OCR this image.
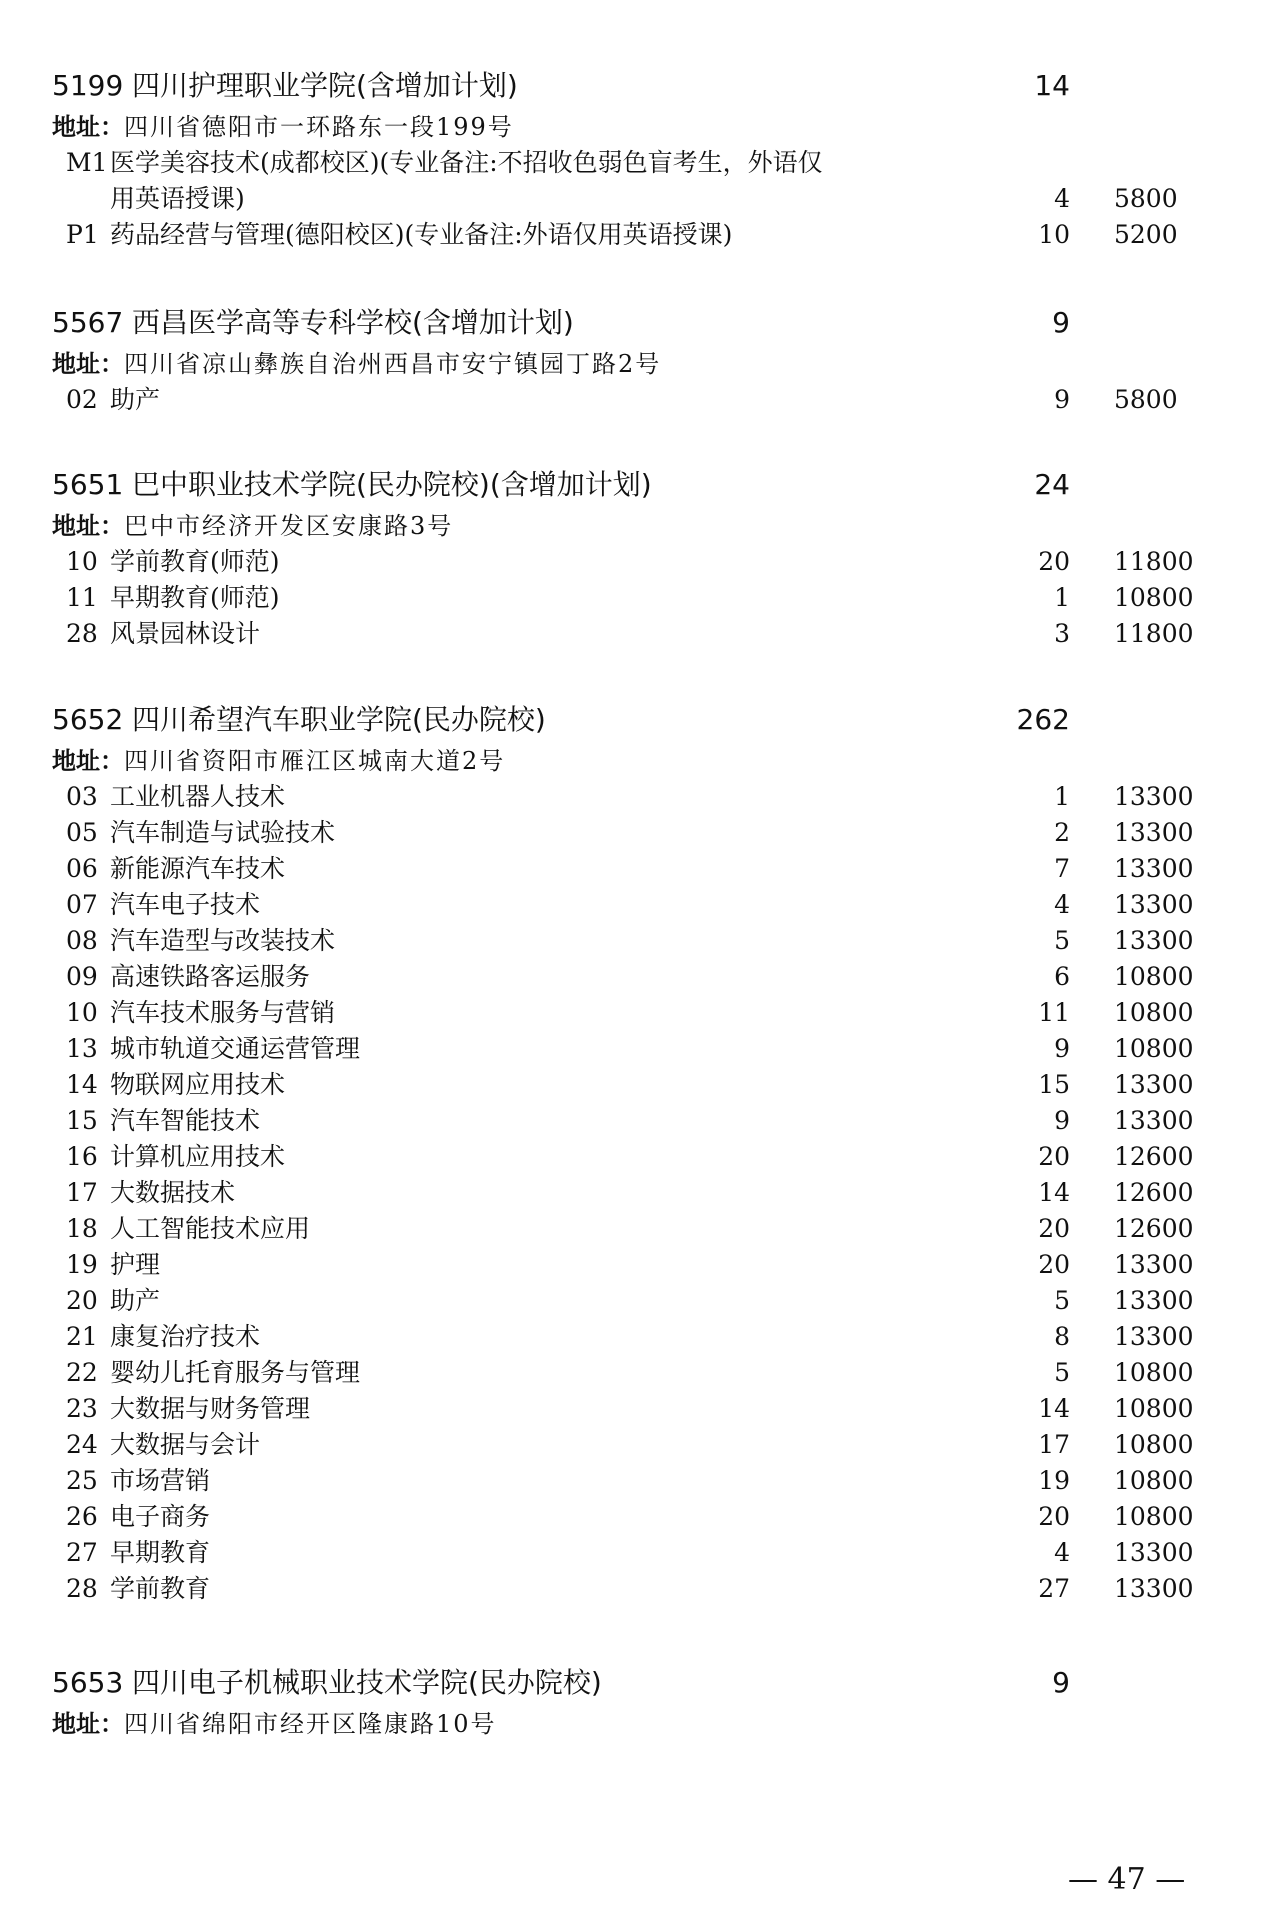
5199 四川护理职业学院(含增加计划)	14
地址：四川省德阳市一环路东一段199号
M1 医学美容技术(成都校区)(专业备注:不招收色弱色盲考生，外语仅
用英语授课)	4 5800
P1 药品经营与管理(德阳校区)(专业备注:外语仅用英语授课)	10 5200
5567 西昌医学高等专科学校(含增加计划)	9
地址：四川省凉山彝族自治州西昌市安宁镇园丁路2号
02 助产	9 5800
5651 巴中职业技术学院(民办院校)(含增加计划)	24
地址：巴中市经济开发区安康路3号
10 学前教育(师范)	20 11800
11 早期教育(师范)	1 10800
28 风景园林设计	3 11800
5652 四川希望汽车职业学院(民办院校)	262
地址：四川省资阳市雁江区城南大道2号
03 工业机器人技术	1 13300
05 汽车制造与试验技术	2 13300
06 新能源汽车技术	7 13300
07 汽车电子技术	4 13300
08 汽车造型与改装技术	5 13300
09 高速铁路客运服务	6 10800
10 汽车技术服务与营销	11 10800
13 城市轨道交通运营管理	9 10800
14 物联网应用技术	15 13300
15 汽车智能技术	9 13300
16 计算机应用技术	20 12600
17 大数据技术	14 12600
18 人工智能技术应用	20 12600
19 护理	20 13300
20 助产	5 13300
21 康复治疗技术	8 13300
22 婴幼儿托育服务与管理	5 10800
23 大数据与财务管理	14 10800
24 大数据与会计	17 10800
25 市场营销	19 10800
26 电子商务	20 10800
27 早期教育	4 13300
28 学前教育	27 13300
5653 四川电子机械职业技术学院(民办院校)	9
地址：四川省绵阳市经开区隆康路10号
— 47 —
